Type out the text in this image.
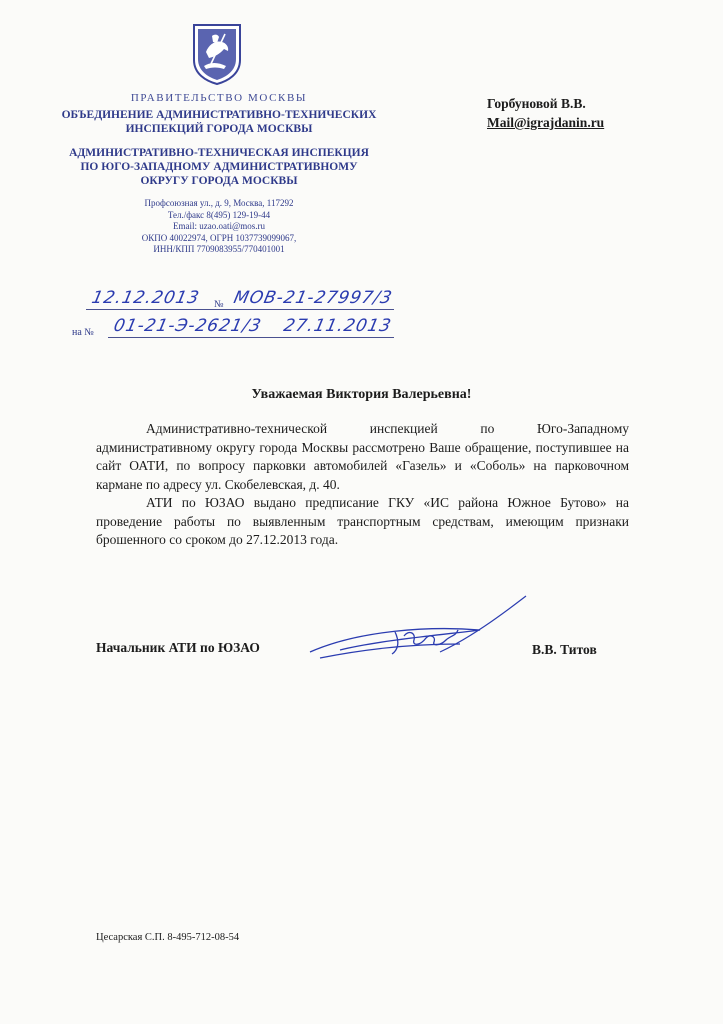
ПРАВИТЕЛЬСТВО МОСКВЫ
ОБЪЕДИНЕНИЕ АДМИНИСТРАТИВНО-ТЕХНИЧЕСКИХ ИНСПЕКЦИЙ ГОРОДА МОСКВЫ
АДМИНИСТРАТИВНО-ТЕХНИЧЕСКАЯ ИНСПЕКЦИЯ ПО ЮГО-ЗАПАДНОМУ АДМИНИСТРАТИВНОМУ ОКРУГУ ГОРОДА МОСКВЫ
Профсоюзная ул., д. 9, Москва, 117292
Тел./факс 8(495) 129-19-44
Email: uzao.oati@mos.ru
ОКПО 40022974, ОГРН 1037739099067,
ИНН/КПП 7709083955/770401001
12.12.2013 № МОВ-21-27997/3
на № 01-21-Э-2621/3 27.11.2013
Горбуновой В.В.
Mail@igrajdanin.ru
Уважаемая Виктория Валерьевна!

Административно-технической инспекцией по Юго-Западному административному округу города Москвы рассмотрено Ваше обращение, поступившее на сайт ОАТИ, по вопросу парковки автомобилей «Газель» и «Соболь» на парковочном кармане по адресу ул. Скобелевская, д. 40.

АТИ по ЮЗАО выдано предписание ГКУ «ИС района Южное Бутово» на проведение работы по выявленным транспортным средствам, имеющим признаки брошенного со сроком до 27.12.2013 года.

Начальник АТИ по ЮЗАО	В.В. Титов
Цесарская С.П. 8-495-712-08-54
